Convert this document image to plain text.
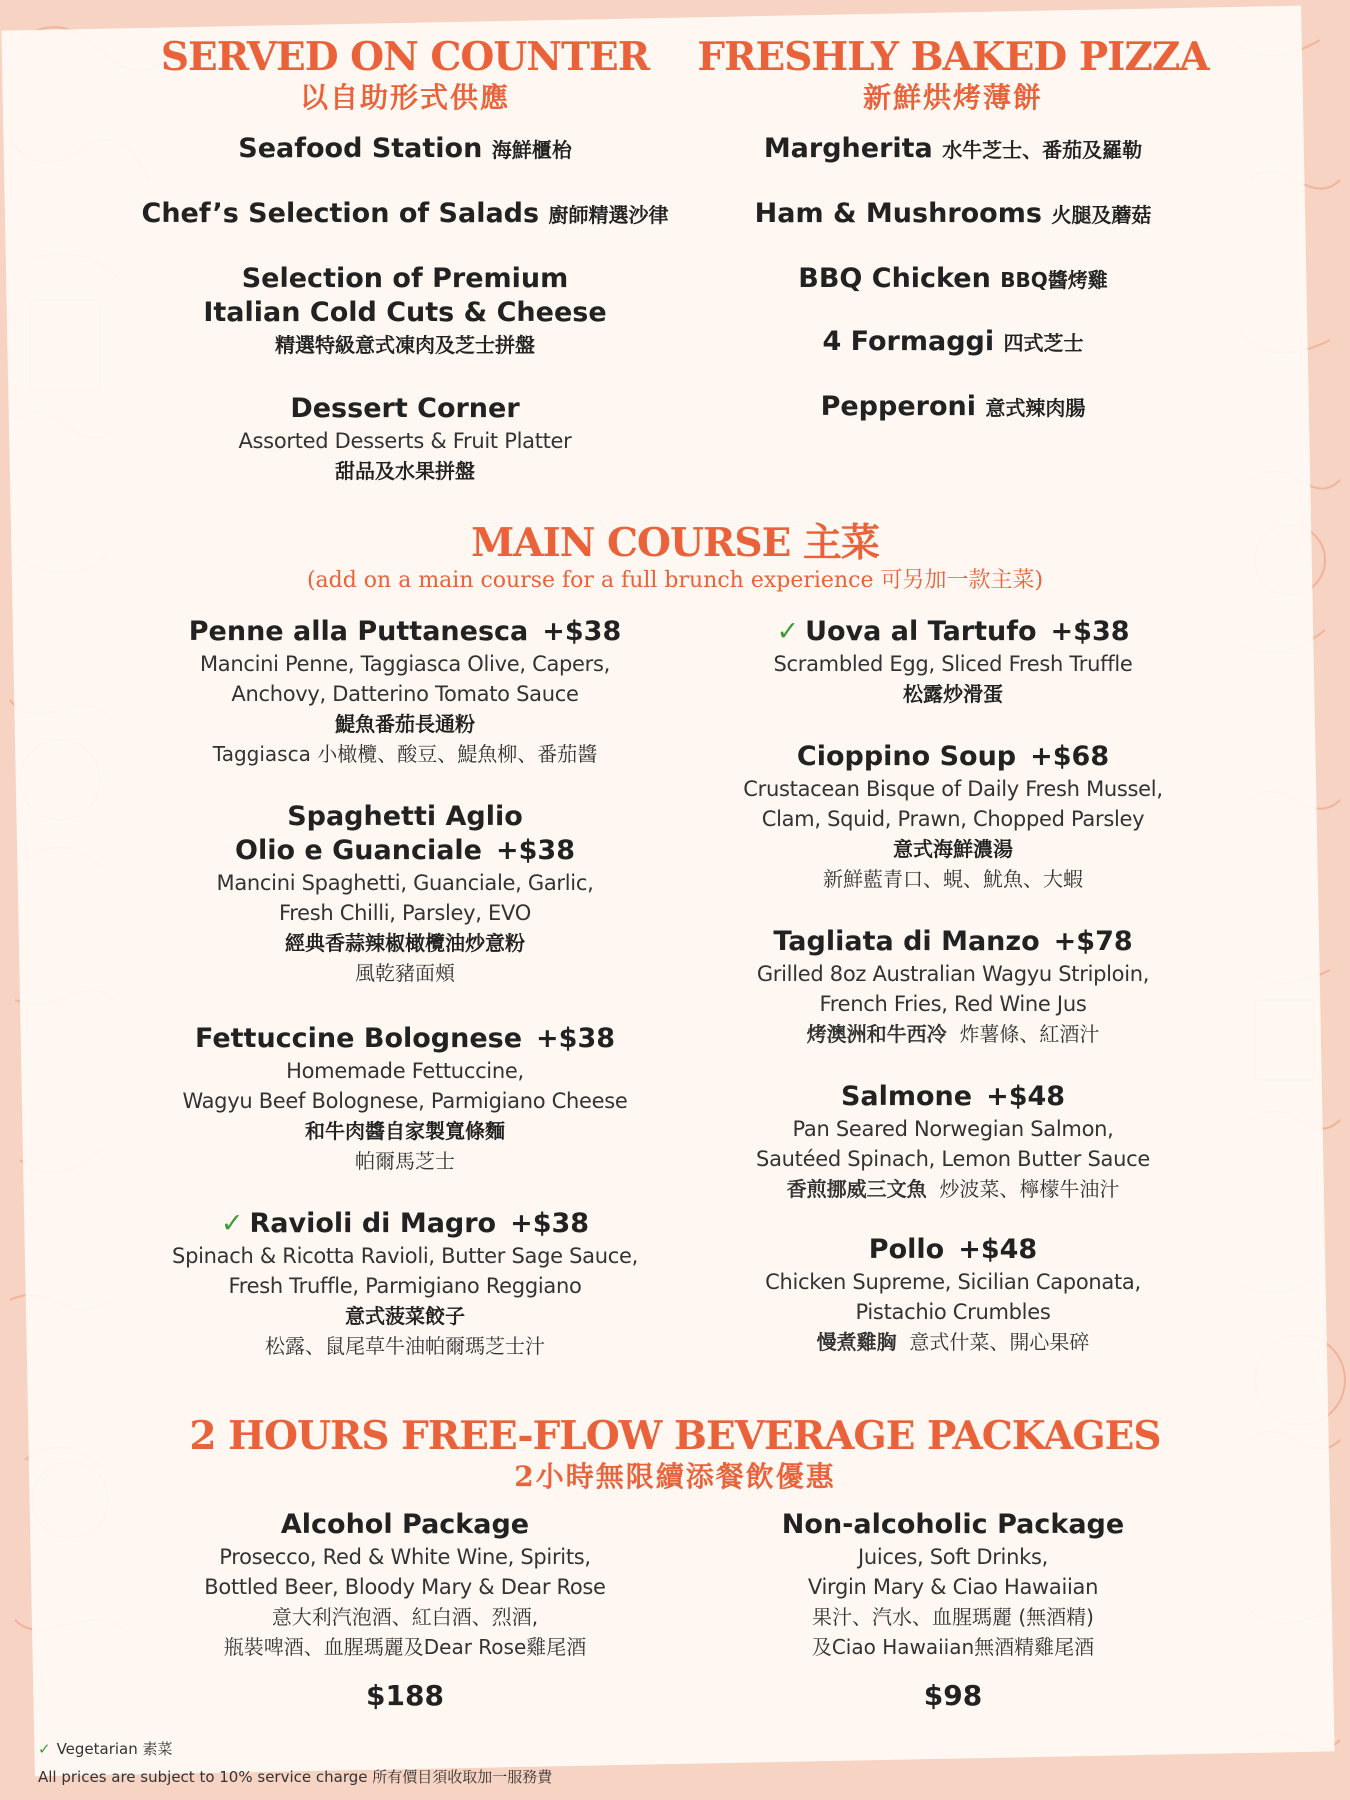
SERVED ON COUNTER
以自助形式供應
Seafood Station 海鮮櫃枱
Chef’s Selection of Salads 廚師精選沙律
Selection of Premium
Italian Cold Cuts & Cheese
精選特級意式凍肉及芝士拼盤
Dessert Corner
Assorted Desserts & Fruit Platter
甜品及水果拼盤
FRESHLY BAKED PIZZA
新鮮烘烤薄餅
Margherita 水牛芝士、番茄及羅勒
Ham & Mushrooms 火腿及蘑菇
BBQ Chicken BBQ醬烤雞
4 Formaggi 四式芝士
Pepperoni 意式辣肉腸
MAIN COURSE 主菜
(add on a main course for a full brunch experience 可另加一款主菜)
Penne alla Puttanesca +$38
Mancini Penne, Taggiasca Olive, Capers,
Anchovy, Datterino Tomato Sauce
鯷魚番茄長通粉
Taggiasca 小橄欖、酸豆、鯷魚柳、番茄醬
Spaghetti Aglio
Olio e Guanciale +$38
Mancini Spaghetti, Guanciale, Garlic,
Fresh Chilli, Parsley, EVO
經典香蒜辣椒橄欖油炒意粉
風乾豬面頰
Fettuccine Bolognese +$38
Homemade Fettuccine,
Wagyu Beef Bolognese, Parmigiano Cheese
和牛肉醬自家製寬條麵
帕爾馬芝士
✓ Ravioli di Magro +$38
Spinach & Ricotta Ravioli, Butter Sage Sauce,
Fresh Truffle, Parmigiano Reggiano
意式菠菜餃子
松露、鼠尾草牛油帕爾瑪芝士汁
✓ Uova al Tartufo +$38
Scrambled Egg, Sliced Fresh Truffle
松露炒滑蛋
Cioppino Soup +$68
Crustacean Bisque of Daily Fresh Mussel,
Clam, Squid, Prawn, Chopped Parsley
意式海鮮濃湯
新鮮藍青口、蜆、魷魚、大蝦
Tagliata di Manzo +$78
Grilled 8oz Australian Wagyu Striploin,
French Fries, Red Wine Jus
烤澳洲和牛西冷 炸薯條、紅酒汁
Salmone +$48
Pan Seared Norwegian Salmon,
Sautéed Spinach, Lemon Butter Sauce
香煎挪威三文魚 炒波菜、檸檬牛油汁
Pollo +$48
Chicken Supreme, Sicilian Caponata,
Pistachio Crumbles
慢煮雞胸 意式什菜、開心果碎
2 HOURS FREE-FLOW BEVERAGE PACKAGES
2小時無限續添餐飲優惠
Alcohol Package
Prosecco, Red & White Wine, Spirits,
Bottled Beer, Bloody Mary & Dear Rose
意大利汽泡酒、紅白酒、烈酒,
瓶裝啤酒、血腥瑪麗及Dear Rose雞尾酒
$188
Non-alcoholic Package
Juices, Soft Drinks,
Virgin Mary & Ciao Hawaiian
果汁、汽水、血腥瑪麗 (無酒精)
及Ciao Hawaiian無酒精雞尾酒
$98
✓ Vegetarian 素菜
All prices are subject to 10% service charge 所有價目須收取加一服務費
